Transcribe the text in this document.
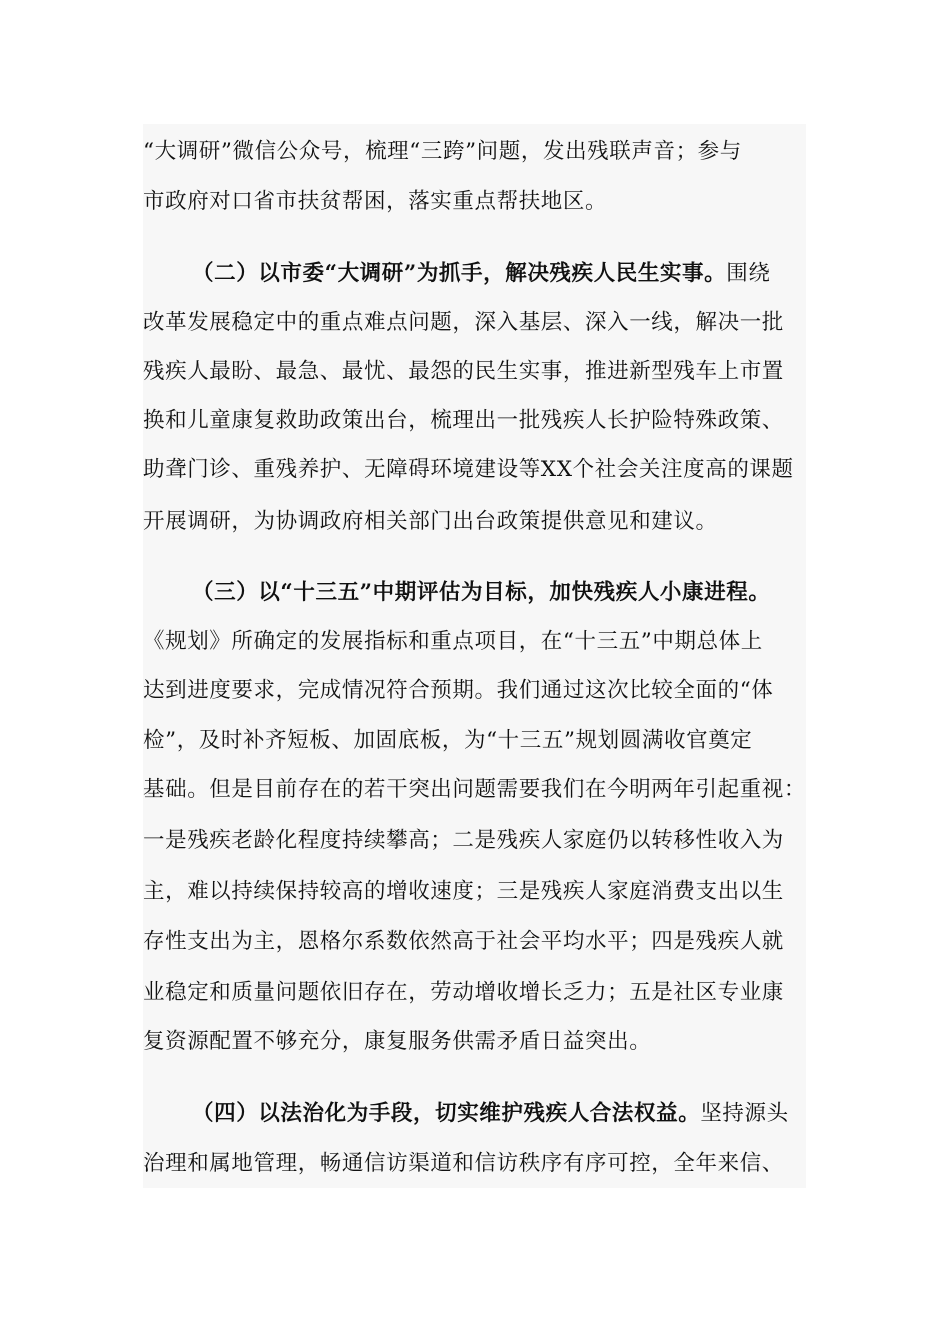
“大调研”微信公众号，梳理“三跨”问题，发出残联声音；参与
市政府对口省市扶贫帮困，落实重点帮扶地区。
（二）以市委“大调研”为抓手，解决残疾人民生实事。围绕
改革发展稳定中的重点难点问题，深入基层、深入一线，解决一批
残疾人最盼、最急、最忧、最怨的民生实事，推进新型残车上市置
换和儿童康复救助政策出台，梳理出一批残疾人长护险特殊政策、
助聋门诊、重残养护、无障碍环境建设等XX个社会关注度高的课题
开展调研，为协调政府相关部门出台政策提供意见和建议。
（三）以“十三五”中期评估为目标，加快残疾人小康进程。
《规划》所确定的发展指标和重点项目，在“十三五”中期总体上
达到进度要求，完成情况符合预期。我们通过这次比较全面的“体
检”，及时补齐短板、加固底板，为“十三五”规划圆满收官奠定
基础。但是目前存在的若干突出问题需要我们在今明两年引起重视：
一是残疾老龄化程度持续攀高；二是残疾人家庭仍以转移性收入为
主，难以持续保持较高的增收速度；三是残疾人家庭消费支出以生
存性支出为主，恩格尔系数依然高于社会平均水平；四是残疾人就
业稳定和质量问题依旧存在，劳动增收增长乏力；五是社区专业康
复资源配置不够充分，康复服务供需矛盾日益突出。
（四）以法治化为手段，切实维护残疾人合法权益。坚持源头
治理和属地管理，畅通信访渠道和信访秩序有序可控，全年来信、
